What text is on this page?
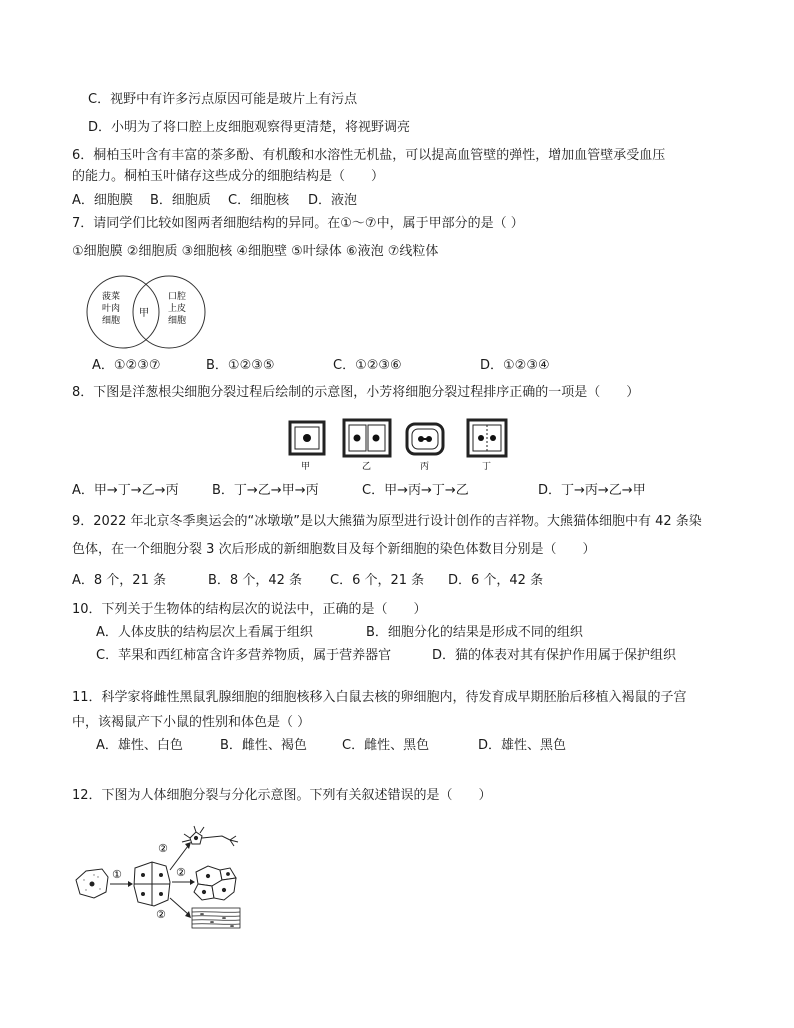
C．视野中有许多污点原因可能是玻片上有污点
D．小明为了将口腔上皮细胞观察得更清楚，将视野调亮
6．桐柏玉叶含有丰富的茶多酚、有机酸和水溶性无机盐，可以提高血管壁的弹性，增加血管壁承受血压
的能力。桐柏玉叶储存这些成分的细胞结构是（　　）
A．细胞膜 B．细胞质 C．细胞核 D．液泡
7．请同学们比较如图两者细胞结构的异同。在①～⑦中，属于甲部分的是（ ）
①细胞膜 ②细胞质 ③细胞核 ④细胞壁 ⑤叶绿体 ⑥液泡 ⑦线粒体
菠菜
叶肉
细胞
甲
口腔
上皮
细胞
A．①②③⑦	B．①②③⑤	C．①②③⑥	D．①②③④
8．下图是洋葱根尖细胞分裂过程后绘制的示意图，小芳将细胞分裂过程排序正确的一项是（　　）
甲	乙	丙	丁
A．甲→丁→乙→丙	B．丁→乙→甲→丙	C．甲→丙→丁→乙	D．丁→丙→乙→甲
9．2022 年北京冬季奥运会的“冰墩墩”是以大熊猫为原型进行设计创作的吉祥物。大熊猫体细胞中有 42 条染
色体，在一个细胞分裂 3 次后形成的新细胞数目及每个新细胞的染色体数目分别是（　　）
A．8 个，21 条	B．8 个，42 条 C．6 个，21 条 D．6 个，42 条
10．下列关于生物体的结构层次的说法中，正确的是（　　）
A．人体皮肤的结构层次上看属于组织	B．细胞分化的结果是形成不同的组织
C．苹果和西红柿富含许多营养物质，属于营养器官	D．猫的体表对其有保护作用属于保护组织
11．科学家将雌性黑鼠乳腺细胞的细胞核移入白鼠去核的卵细胞内，待发育成早期胚胎后移植入褐鼠的子宫
中，该褐鼠产下小鼠的性别和体色是（ ）
A．雄性、白色	B．雌性、褐色	C．雌性、黑色	D．雄性、黑色
12．下图为人体细胞分裂与分化示意图。下列有关叙述错误的是（　　）
①
②
②
②
